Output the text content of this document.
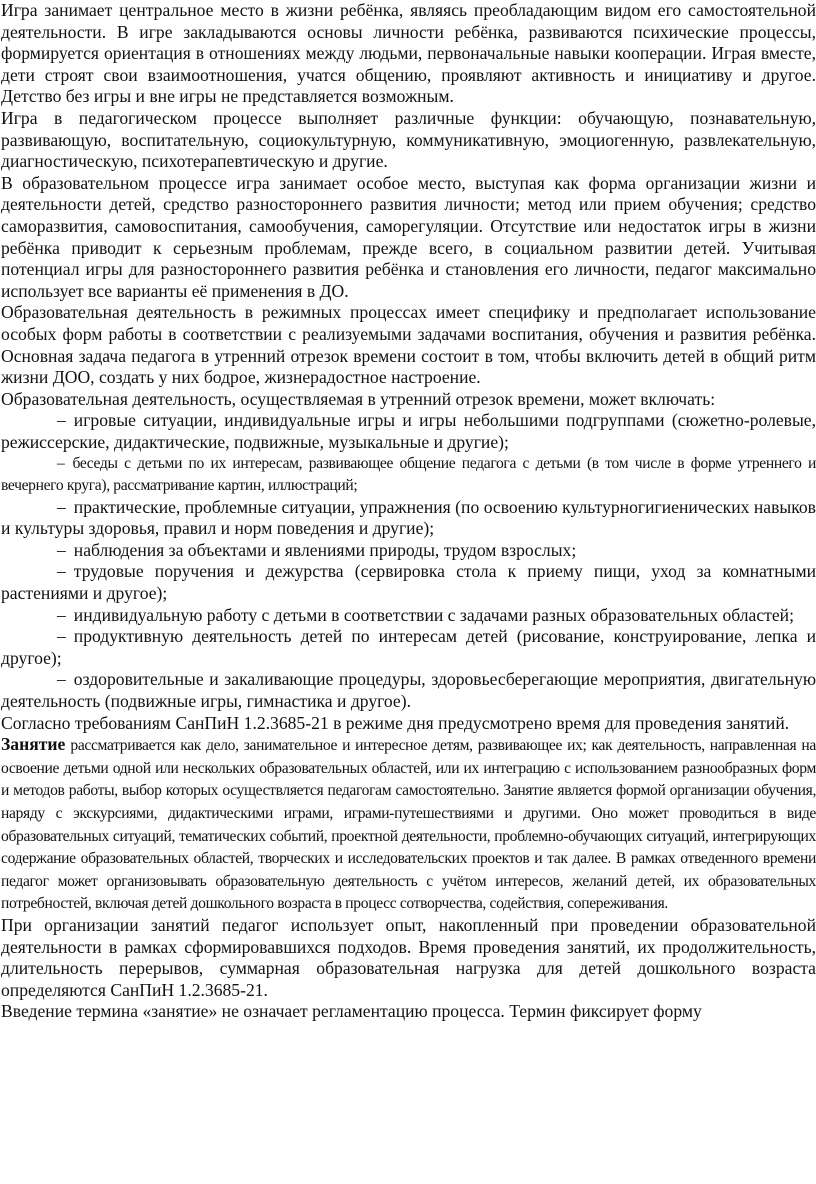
Игра занимает центральное место в жизни ребёнка, являясь преобладающим видом его самостоятельной деятельности. В игре закладываются основы личности ребёнка, развиваются психические процессы, формируется ориентация в отношениях между людьми, первоначальные навыки кооперации. Играя вместе, дети строят свои взаимоотношения, учатся общению, проявляют активность и инициативу и другое. Детство без игры и вне игры не представляется возможным.

Игра в педагогическом процессе выполняет различные функции: обучающую, познавательную, развивающую, воспитательную, социокультурную, коммуникативную, эмоциогенную, развлекательную, диагностическую, психотерапевтическую и другие.

В образовательном процессе игра занимает особое место, выступая как форма организации жизни и деятельности детей, средство разностороннего развития личности; метод или прием обучения; средство саморазвития, самовоспитания, самообучения, саморегуляции. Отсутствие или недостаток игры в жизни ребёнка приводит к серьезным проблемам, прежде всего, в социальном развитии детей. Учитывая потенциал игры для разностороннего развития ребёнка и становления его личности, педагог максимально использует все варианты её применения в ДО.

Образовательная деятельность в режимных процессах имеет специфику и предполагает использование особых форм работы в соответствии с реализуемыми задачами воспитания, обучения и развития ребёнка. Основная задача педагога в утренний отрезок времени состоит в том, чтобы включить детей в общий ритм жизни ДОО, создать у них бодрое, жизнерадостное настроение.

Образовательная деятельность, осуществляемая в утренний отрезок времени, может включать:

– игровые ситуации, индивидуальные игры и игры небольшими подгруппами (сюжетно-ролевые, режиссерские, дидактические, подвижные, музыкальные и другие);

– беседы с детьми по их интересам, развивающее общение педагога с детьми (в том числе в форме утреннего и вечернего круга), рассматривание картин, иллюстраций;

– практические, проблемные ситуации, упражнения (по освоению культурногигиенических навыков и культуры здоровья, правил и норм поведения и другие);

– наблюдения за объектами и явлениями природы, трудом взрослых;

– трудовые поручения и дежурства (сервировка стола к приему пищи, уход за комнатными растениями и другое);

– индивидуальную работу с детьми в соответствии с задачами разных образовательных областей;

– продуктивную деятельность детей по интересам детей (рисование, конструирование, лепка и другое);

– оздоровительные и закаливающие процедуры, здоровьесберегающие мероприятия, двигательную деятельность (подвижные игры, гимнастика и другое).

Согласно требованиям СанПиН 1.2.3685-21 в режиме дня предусмотрено время для проведения занятий.

Занятие рассматривается как дело, занимательное и интересное детям, развивающее их; как деятельность, направленная на освоение детьми одной или нескольких образовательных областей, или их интеграцию с использованием разнообразных форм и методов работы, выбор которых осуществляется педагогам самостоятельно. Занятие является формой организации обучения, наряду с экскурсиями, дидактическими играми, играми-путешествиями и другими. Оно может проводиться в виде образовательных ситуаций, тематических событий, проектной деятельности, проблемно-обучающих ситуаций, интегрирующих содержание образовательных областей, творческих и исследовательских проектов и так далее. В рамках отведенного времени педагог может организовывать образовательную деятельность с учётом интересов, желаний детей, их образовательных потребностей, включая детей дошкольного возраста в процесс сотворчества, содействия, сопереживания.

При организации занятий педагог использует опыт, накопленный при проведении образовательной деятельности в рамках сформировавшихся подходов. Время проведения занятий, их продолжительность, длительность перерывов, суммарная образовательная нагрузка для детей дошкольного возраста определяются СанПиН 1.2.3685-21.

Введение термина «занятие» не означает регламентацию процесса. Термин фиксирует форму
